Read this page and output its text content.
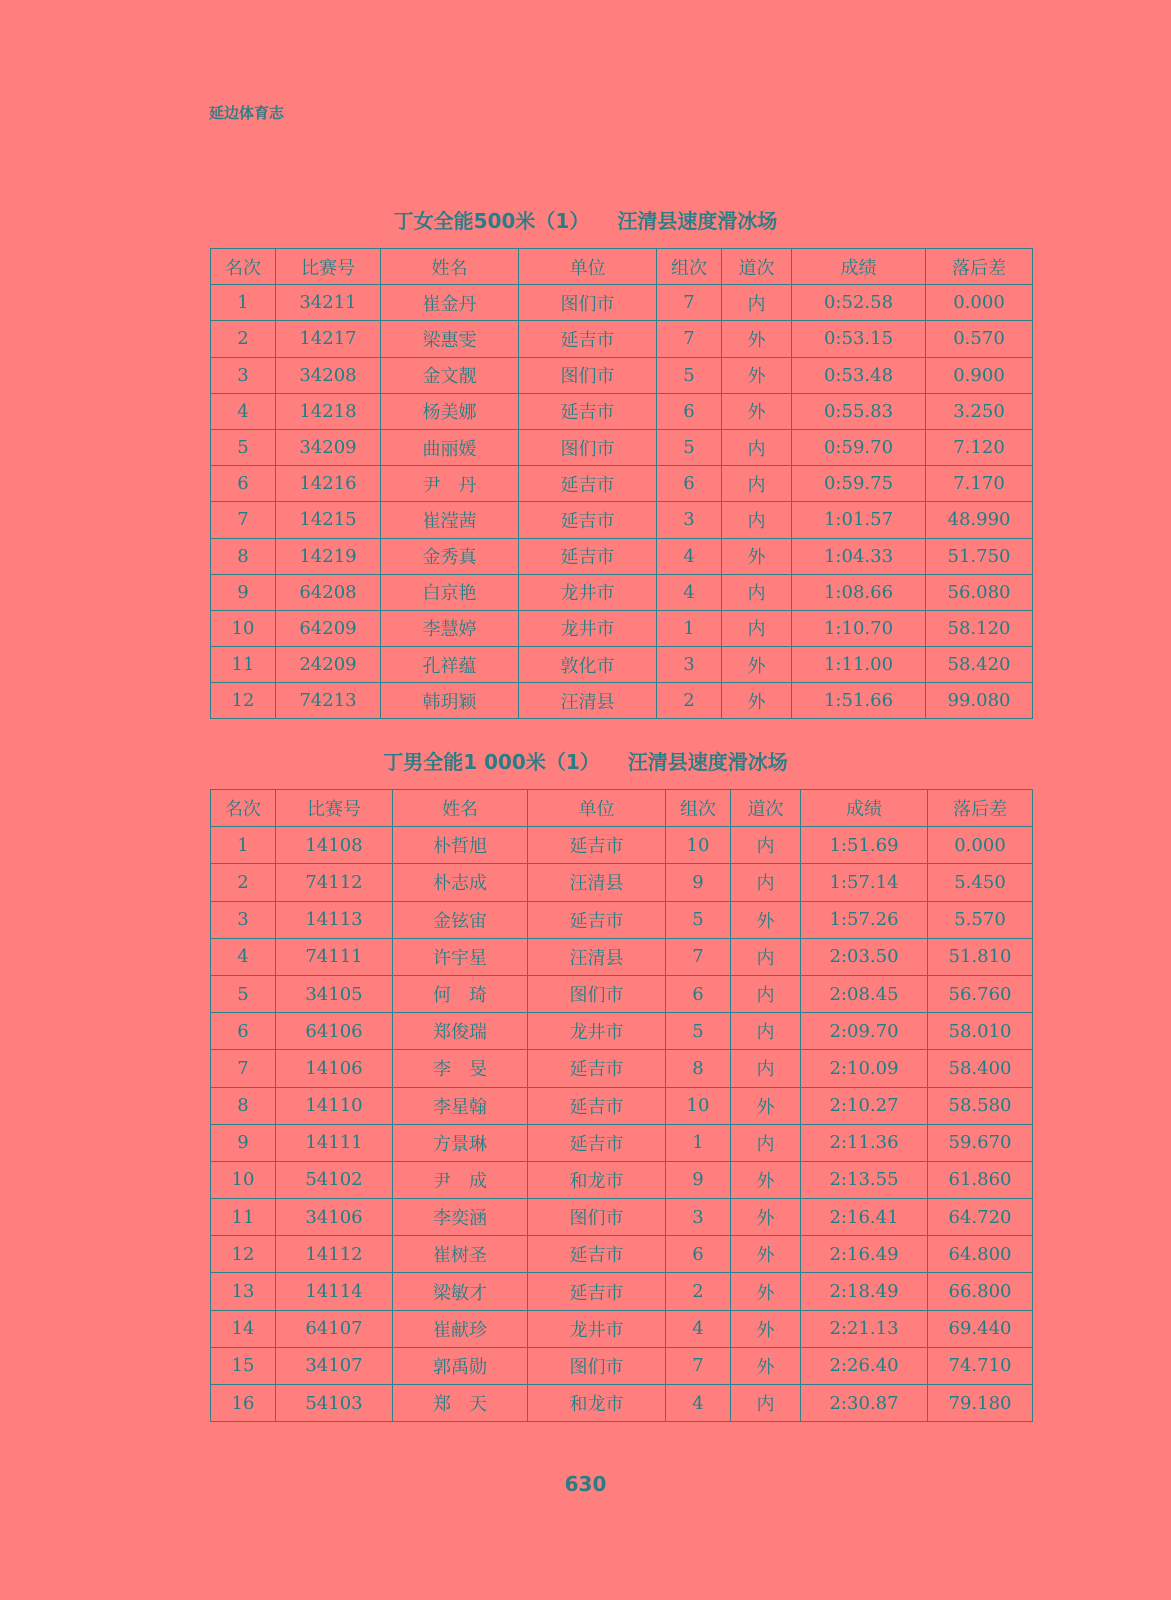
延边体育志
丁女全能500米（1） 汪清县速度滑冰场
名次	比赛号	姓名	单位	组次	道次	成绩	落后差
1	34211	崔金丹	图们市	7	内	0:52.58	0.000
2	14217	梁惠雯	延吉市	7	外	0:53.15	0.570
3	34208	金文靓	图们市	5	外	0:53.48	0.900
4	14218	杨美娜	延吉市	6	外	0:55.83	3.250
5	34209	曲丽媛	图们市	5	内	0:59.70	7.120
6	14216	尹　丹	延吉市	6	内	0:59.75	7.170
7	14215	崔滢茜	延吉市	3	内	1:01.57	48.990
8	14219	金秀真	延吉市	4	外	1:04.33	51.750
9	64208	白京艳	龙井市	4	内	1:08.66	56.080
10	64209	李慧婷	龙井市	1	内	1:10.70	58.120
11	24209	孔祥蕴	敦化市	3	外	1:11.00	58.420
12	74213	韩玥颖	汪清县	2	外	1:51.66	99.080
丁男全能1 000米（1） 汪清县速度滑冰场
名次	比赛号	姓名	单位	组次	道次	成绩	落后差
1	14108	朴哲旭	延吉市	10	内	1:51.69	0.000
2	74112	朴志成	汪清县	9	内	1:57.14	5.450
3	14113	金铉宙	延吉市	5	外	1:57.26	5.570
4	74111	许宇星	汪清县	7	内	2:03.50	51.810
5	34105	何　琦	图们市	6	内	2:08.45	56.760
6	64106	郑俊瑞	龙井市	5	内	2:09.70	58.010
7	14106	李　旻	延吉市	8	内	2:10.09	58.400
8	14110	李星翰	延吉市	10	外	2:10.27	58.580
9	14111	方景琳	延吉市	1	内	2:11.36	59.670
10	54102	尹　成	和龙市	9	外	2:13.55	61.860
11	34106	李奕涵	图们市	3	外	2:16.41	64.720
12	14112	崔树圣	延吉市	6	外	2:16.49	64.800
13	14114	梁敏才	延吉市	2	外	2:18.49	66.800
14	64107	崔献珍	龙井市	4	外	2:21.13	69.440
15	34107	郭禹勋	图们市	7	外	2:26.40	74.710
16	54103	郑　天	和龙市	4	内	2:30.87	79.180
630
